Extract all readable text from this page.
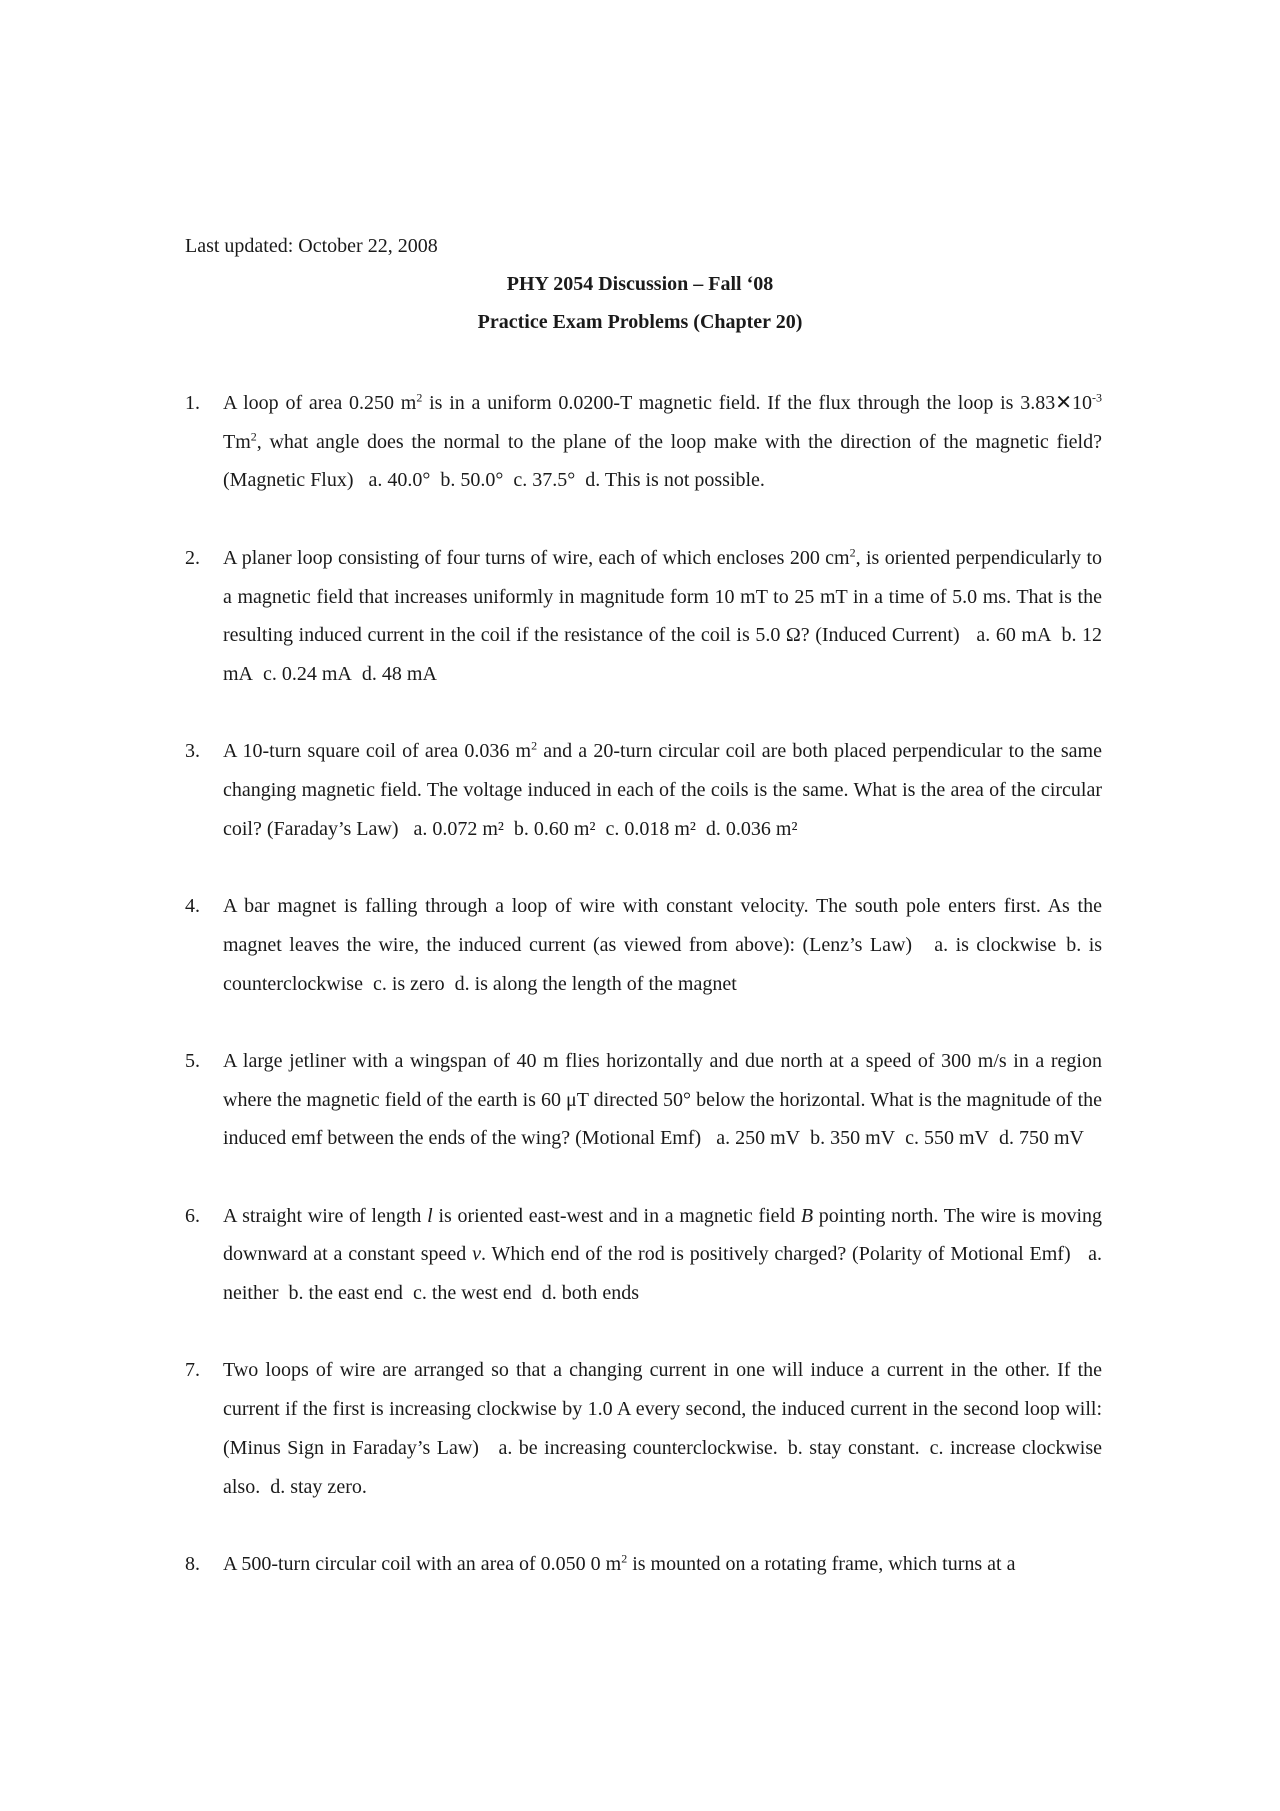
Last updated: October 22, 2008
PHY 2054 Discussion – Fall ‘08
Practice Exam Problems (Chapter 20)
1. A loop of area 0.250 $m^2$ is in a uniform 0.0200-T magnetic field. If the flux through the loop is $3.83✕10^{-3}$ Tm$^2$, what angle does the normal to the plane of the loop make with the direction of the magnetic field? (Magnetic Flux) a. 40.0° b. 50.0° c. 37.5° d. This is not possible.
2. A planer loop consisting of four turns of wire, each of which encloses 200 $cm^2$, is oriented perpendicularly to a magnetic field that increases uniformly in magnitude form 10 mT to 25 mT in a time of 5.0 ms. That is the resulting induced current in the coil if the resistance of the coil is 5.0 Ω? (Induced Current) a. 60 mA b. 12 mA c. 0.24 mA d. 48 mA
3. A 10-turn square coil of area 0.036 $m^2$ and a 20-turn circular coil are both placed perpendicular to the same changing magnetic field. The voltage induced in each of the coils is the same. What is the area of the circular coil? (Faraday’s Law) a. 0.072 m² b. 0.60 m² c. 0.018 m² d. 0.036 m²
4. A bar magnet is falling through a loop of wire with constant velocity. The south pole enters first. As the magnet leaves the wire, the induced current (as viewed from above): (Lenz’s Law) a. is clockwise b. is counterclockwise c. is zero d. is along the length of the magnet
5. A large jetliner with a wingspan of 40 m flies horizontally and due north at a speed of 300 m/s in a region where the magnetic field of the earth is 60 μT directed 50° below the horizontal. What is the magnitude of the induced emf between the ends of the wing? (Motional Emf) a. 250 mV b. 350 mV c. 550 mV d. 750 mV
6. A straight wire of length l is oriented east-west and in a magnetic field B pointing north. The wire is moving downward at a constant speed v. Which end of the rod is positively charged? (Polarity of Motional Emf) a. neither b. the east end c. the west end d. both ends
7. Two loops of wire are arranged so that a changing current in one will induce a current in the other. If the current if the first is increasing clockwise by 1.0 A every second, the induced current in the second loop will: (Minus Sign in Faraday’s Law) a. be increasing counterclockwise. b. stay constant. c. increase clockwise also. d. stay zero.
8. A 500-turn circular coil with an area of 0.050 0 $m^2$ is mounted on a rotating frame, which turns at a
